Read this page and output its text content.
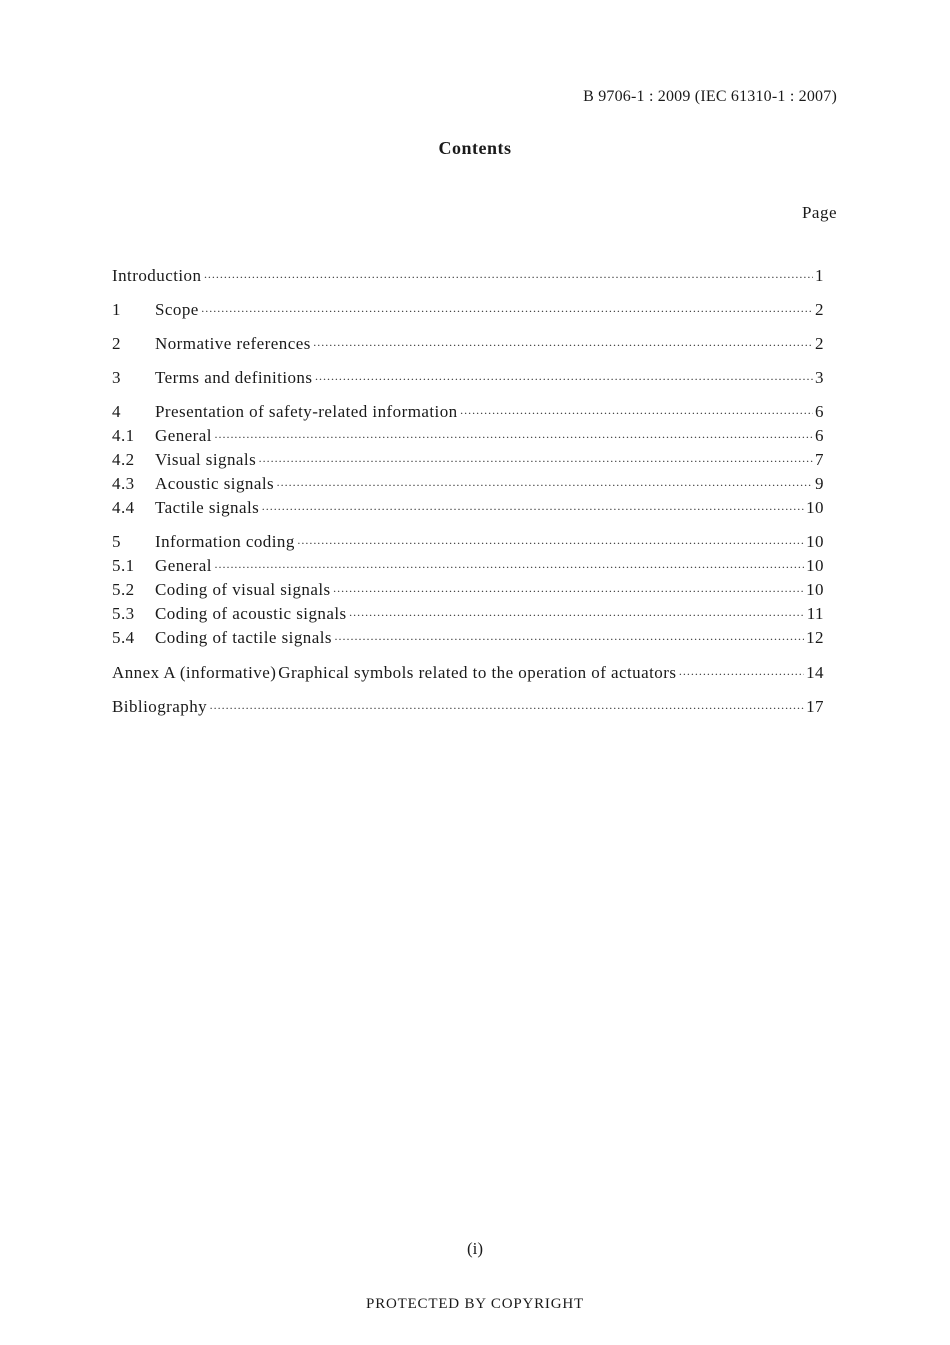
B 9706-1 : 2009 (IEC 61310-1 : 2007)
Contents
Page
Introduction ·····	1
1	Scope ·····	2
2	Normative references ·····	2
3	Terms and definitions ·····	3
4	Presentation of safety-related information ·····	6
4.1	General ·····	6
4.2	Visual signals ·····	7
4.3	Acoustic signals ·····	9
4.4	Tactile signals ·····	10
5	Information coding ·····	10
5.1	General ·····	10
5.2	Coding of visual signals ·····	10
5.3	Coding of acoustic signals ·····	11
5.4	Coding of tactile signals ·····	12
Annex A (informative) Graphical symbols related to the operation of actuators ·····	14
Bibliography ·····	17
(i)
PROTECTED BY COPYRIGHT
